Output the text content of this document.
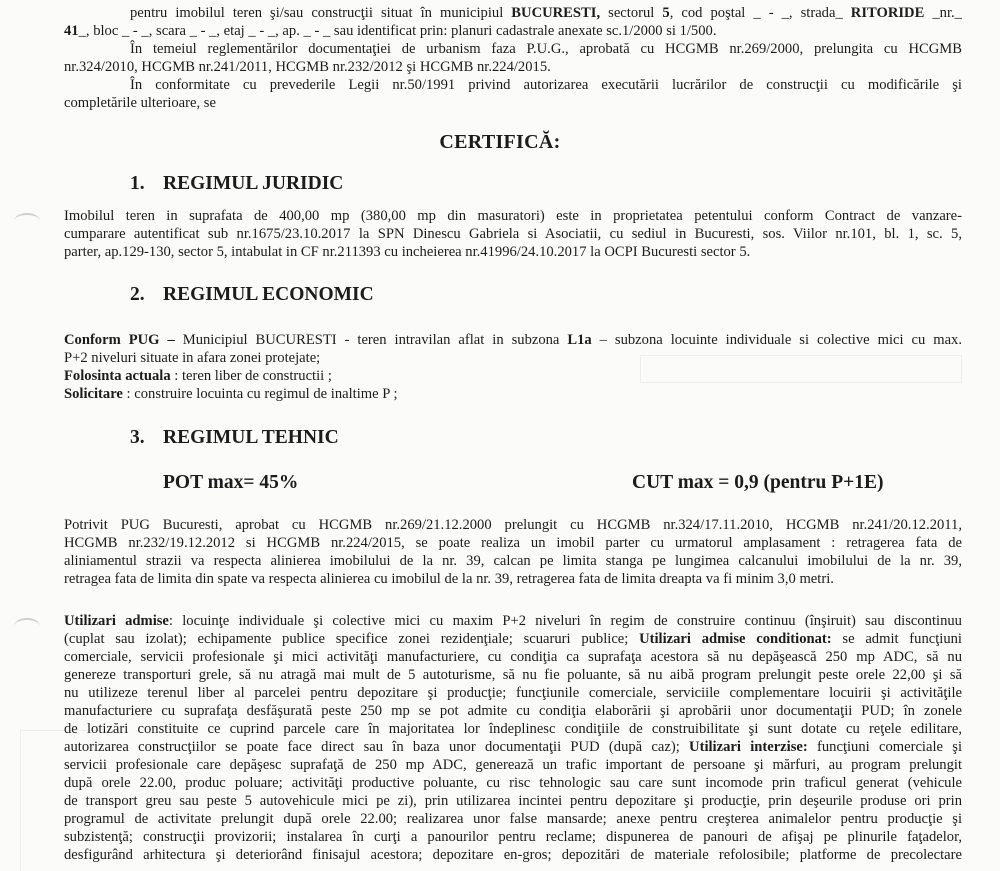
pentru imobilul teren şi/sau construcţii situat în municipiul BUCURESTI, sectorul 5, cod poştal _ - _, strada_ RITORIDE _nr._
41_, bloc _ - _, scara _ - _, etaj _ - _, ap. _ - _ sau identificat prin: planuri cadastrale anexate sc.1/2000 si 1/500.
În temeiul reglementărilor documentaţiei de urbanism faza P.U.G., aprobată cu HCGMB nr.269/2000, prelungita cu HCGMB
nr.324/2010, HCGMB nr.241/2011, HCGMB nr.232/2012 şi HCGMB nr.224/2015.
În conformitate cu prevederile Legii nr.50/1991 privind autorizarea executării lucrărilor de construcţii cu modificările şi
completările ulterioare, se
CERTIFICĂ:
1. REGIMUL JURIDIC
Imobilul teren in suprafata de 400,00 mp (380,00 mp din masuratori) este in proprietatea petentului conform Contract de vanzare-
cumparare autentificat sub nr.1675/23.10.2017 la SPN Dinescu Gabriela si Asociatii, cu sediul in Bucuresti, sos. Viilor nr.101, bl. 1, sc. 5,
parter, ap.129-130, sector 5, intabulat in CF nr.211393 cu incheierea nr.41996/24.10.2017 la OCPI Bucuresti sector 5.
2. REGIMUL ECONOMIC
Conform PUG – Municipiul BUCURESTI - teren intravilan aflat in subzona L1a – subzona locuinte individuale si colective mici cu max.
P+2 niveluri situate in afara zonei protejate;
Folosinta actuala : teren liber de constructii ;
Solicitare : construire locuinta cu regimul de inaltime P ;
3. REGIMUL TEHNIC
POT max= 45%	CUT max = 0,9 (pentru P+1E)
Potrivit PUG Bucuresti, aprobat cu HCGMB nr.269/21.12.2000 prelungit cu HCGMB nr.324/17.11.2010, HCGMB nr.241/20.12.2011,
HCGMB nr.232/19.12.2012 si HCGMB nr.224/2015, se poate realiza un imobil parter cu urmatorul amplasament : retragerea fata de
aliniamentul strazii va respecta alinierea imobilului de la nr. 39, calcan pe limita stanga pe lungimea calcanului imobilului de la nr. 39,
retragea fata de limita din spate va respecta alinierea cu imobilul de la nr. 39, retragerea fata de limita dreapta va fi minim 3,0 metri.
Utilizari admise: locuinţe individuale şi colective mici cu maxim P+2 niveluri în regim de construire continuu (înşiruit) sau discontinuu
(cuplat sau izolat); echipamente publice specifice zonei rezidenţiale; scuaruri publice; Utilizari admise conditionat: se admit funcţiuni
comerciale, servicii profesionale şi mici activităţi manufacturiere, cu condiţia ca suprafaţa acestora să nu depăşească 250 mp ADC, să nu
genereze transporturi grele, să nu atragă mai mult de 5 autoturisme, să nu fie poluante, să nu aibă program prelungit peste orele 22,00 şi să
nu utilizeze terenul liber al parcelei pentru depozitare şi producţie; funcţiunile comerciale, serviciile complementare locuirii şi activităţile
manufacturiere cu suprafaţa desfăşurată peste 250 mp se pot admite cu condiţia elaborării şi aprobării unor documentaţii PUD; în zonele
de lotizări constituite ce cuprind parcele care în majoritatea lor îndeplinesc condiţiile de construibilitate şi sunt dotate cu reţele edilitare,
autorizarea construcţiilor se poate face direct sau în baza unor documentaţii PUD (după caz); Utilizari interzise: funcţiuni comerciale şi
servicii profesionale care depăşesc suprafaţă de 250 mp ADC, generează un trafic important de persoane şi mărfuri, au program prelungit
după orele 22.00, produc poluare; activităţi productive poluante, cu risc tehnologic sau care sunt incomode prin traficul generat (vehicule
de transport greu sau peste 5 autovehicule mici pe zi), prin utilizarea incintei pentru depozitare şi producţie, prin deşeurile produse ori prin
programul de activitate prelungit după orele 22.00; realizarea unor false mansarde; anexe pentru creşterea animalelor pentru producţie şi
subzistenţă; construcţii provizorii; instalarea în curţi a panourilor pentru reclame; dispunerea de panouri de afişaj pe plinurile faţadelor,
desfigurând arhitectura şi deteriorând finisajul acestora; depozitare en-gros; depozitări de materiale refolosibile; platforme de precolectare
